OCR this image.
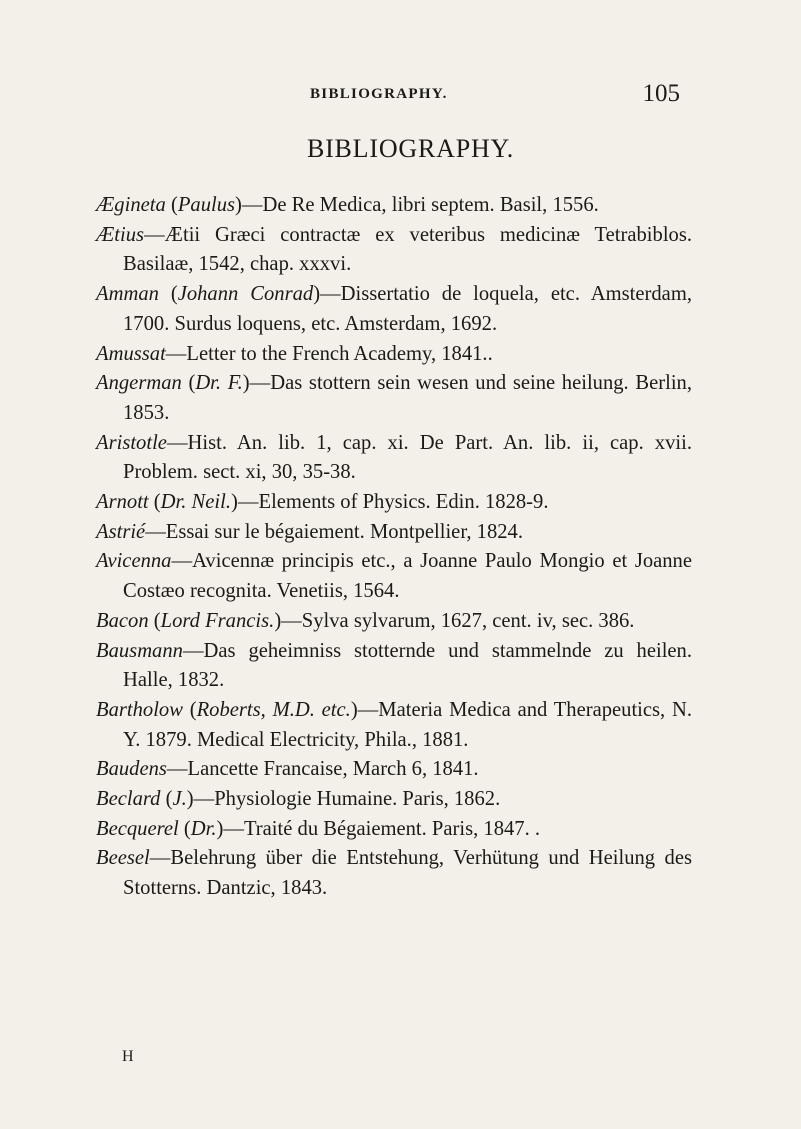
BIBLIOGRAPHY.	105
BIBLIOGRAPHY.

Ægineta (Paulus)—De Re Medica, libri septem. Basil, 1556.

Ætius—Ætii Græci contractæ ex veteribus medicinæ Tetrabiblos. Basilaæ, 1542, chap. xxxvi.

Amman (Johann Conrad)—Dissertatio de loquela, etc. Amsterdam, 1700. Surdus loquens, etc. Amsterdam, 1692.

Amussat—Letter to the French Academy, 1841..

Angerman (Dr. F.)—Das stottern sein wesen und seine heilung. Berlin, 1853.

Aristotle—Hist. An. lib. 1, cap. xi. De Part. An. lib. ii, cap. xvii. Problem. sect. xi, 30, 35-38.

Arnott (Dr. Neil.)—Elements of Physics. Edin. 1828-9.

Astrié—Essai sur le bégaiement. Montpellier, 1824.

Avicenna—Avicennæ principis etc., a Joanne Paulo Mongio et Joanne Costæo recognita. Venetiis, 1564.

Bacon (Lord Francis.)—Sylva sylvarum, 1627, cent. iv, sec. 386.

Bausmann—Das geheimniss stotternde und stammelnde zu heilen. Halle, 1832.

Bartholow (Roberts, M.D. etc.)—Materia Medica and Therapeutics, N. Y. 1879. Medical Electricity, Phila., 1881.

Baudens—Lancette Francaise, March 6, 1841.

Beclard (J.)—Physiologie Humaine. Paris, 1862.

Becquerel (Dr.)—Traité du Bégaiement. Paris, 1847. .

Beesel—Belehrung über die Entstehung, Verhütung und Heilung des Stotterns. Dantzic, 1843.

H
